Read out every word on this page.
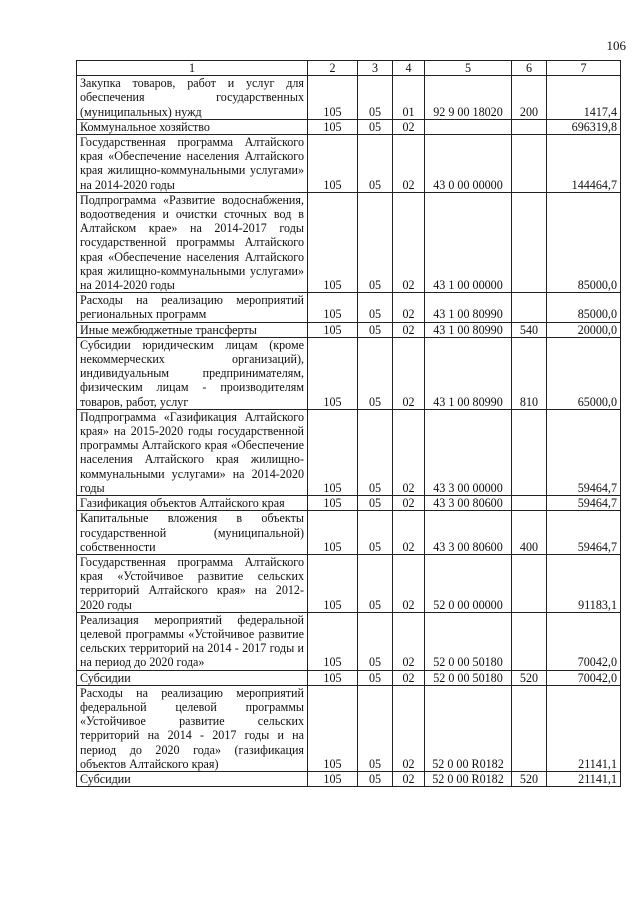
106
1	2	3	4	5	6	7
Закупка товаров, работ и услуг для обеспечения государственных (муниципальных) нужд	105	05	01	92 9 00 18020	200	1417,4
Коммунальное хозяйство	105	05	02			696319,8
Государственная программа Алтайского края «Обеспечение населения Алтайского края жилищно-коммунальными услугами» на 2014-2020 годы	105	05	02	43 0 00 00000		144464,7
Подпрограмма «Развитие водоснабжения, водоотведения и очистки сточных вод в Алтайском крае» на 2014-2017 годы государственной программы Алтайского края «Обеспечение населения Алтайского края жилищно-коммунальными услугами» на 2014-2020 годы	105	05	02	43 1 00 00000		85000,0
Расходы на реализацию мероприятий региональных программ	105	05	02	43 1 00 80990		85000,0
Иные межбюджетные трансферты	105	05	02	43 1 00 80990	540	20000,0
Субсидии юридическим лицам (кроме некоммерческих организаций), индивидуальным предпринимателям, физическим лицам - производителям товаров, работ, услуг	105	05	02	43 1 00 80990	810	65000,0
Подпрограмма «Газификация Алтайского края» на 2015-2020 годы государственной программы Алтайского края «Обеспечение населения Алтайского края жилищно-коммунальными услугами» на 2014-2020 годы	105	05	02	43 3 00 00000		59464,7
Газификация объектов Алтайского края	105	05	02	43 3 00 80600		59464,7
Капитальные вложения в объекты государственной (муниципальной) собственности	105	05	02	43 3 00 80600	400	59464,7
Государственная программа Алтайского края «Устойчивое развитие сельских территорий Алтайского края» на 2012-2020 годы	105	05	02	52 0 00 00000		91183,1
Реализация мероприятий федеральной целевой программы «Устойчивое развитие сельских территорий на 2014 - 2017 годы и на период до 2020 года»	105	05	02	52 0 00 50180		70042,0
Субсидии	105	05	02	52 0 00 50180	520	70042,0
Расходы на реализацию мероприятий федеральной целевой программы «Устойчивое развитие сельских территорий на 2014 - 2017 годы и на период до 2020 года» (газификация объектов Алтайского края)	105	05	02	52 0 00 R0182		21141,1
Субсидии	105	05	02	52 0 00 R0182	520	21141,1
